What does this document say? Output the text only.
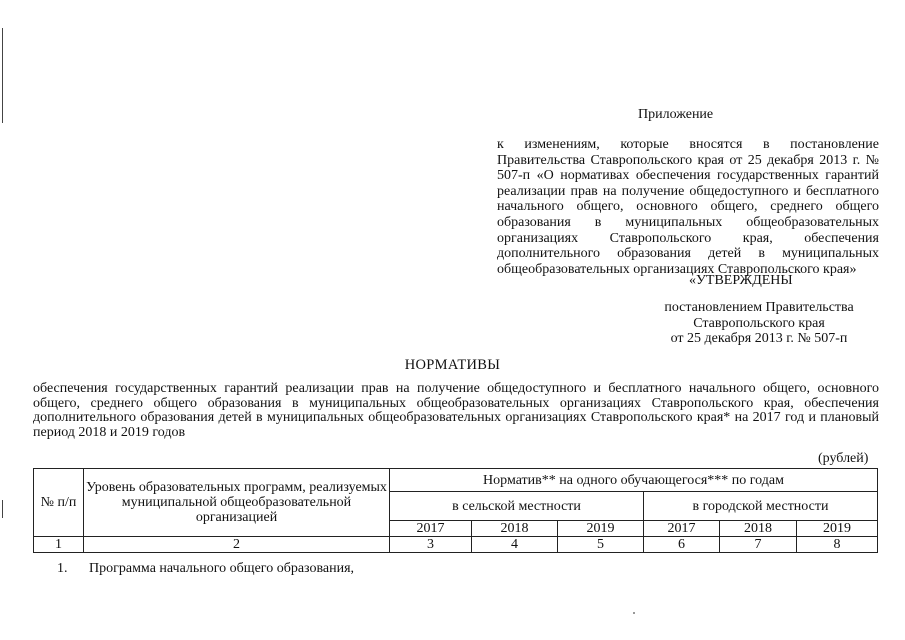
Приложение
к изменениям, которые вносятся в постановление Правительства Ставропольского края от 25 декабря 2013 г. № 507-п «О нормативах обеспечения государственных гарантий реализации прав на получение общедоступного и бесплатного начального общего, основного общего, среднего общего образования в муниципальных общеобразовательных организациях Ставропольского края, обеспечения дополнительного образования детей в муниципальных общеобразовательных организациях Ставропольского края»
«УТВЕРЖДЕНЫ
постановлением Правительства
Ставропольского края
от 25 декабря 2013 г. № 507-п
НОРМАТИВЫ
обеспечения государственных гарантий реализации прав на получение общедоступного и бесплатного начального общего, основного общего, среднего общего образования в муниципальных общеобразовательных организациях Ставропольского края, обеспечения дополнительного образования детей в муниципальных общеобразовательных организациях Ставропольского края* на 2017 год и плановый период 2018 и 2019 годов
(рублей)
№ п/п	Уровень образовательных программ, реализуемых муниципальной общеобразовательной организацией	Норматив** на одного обучающегося*** по годам					
		в сельской местности			в городской местности		
		2017	2018	2019	2017	2018	2019
1	2	3	4	5	6	7	8
1. Программа начального общего образования,
